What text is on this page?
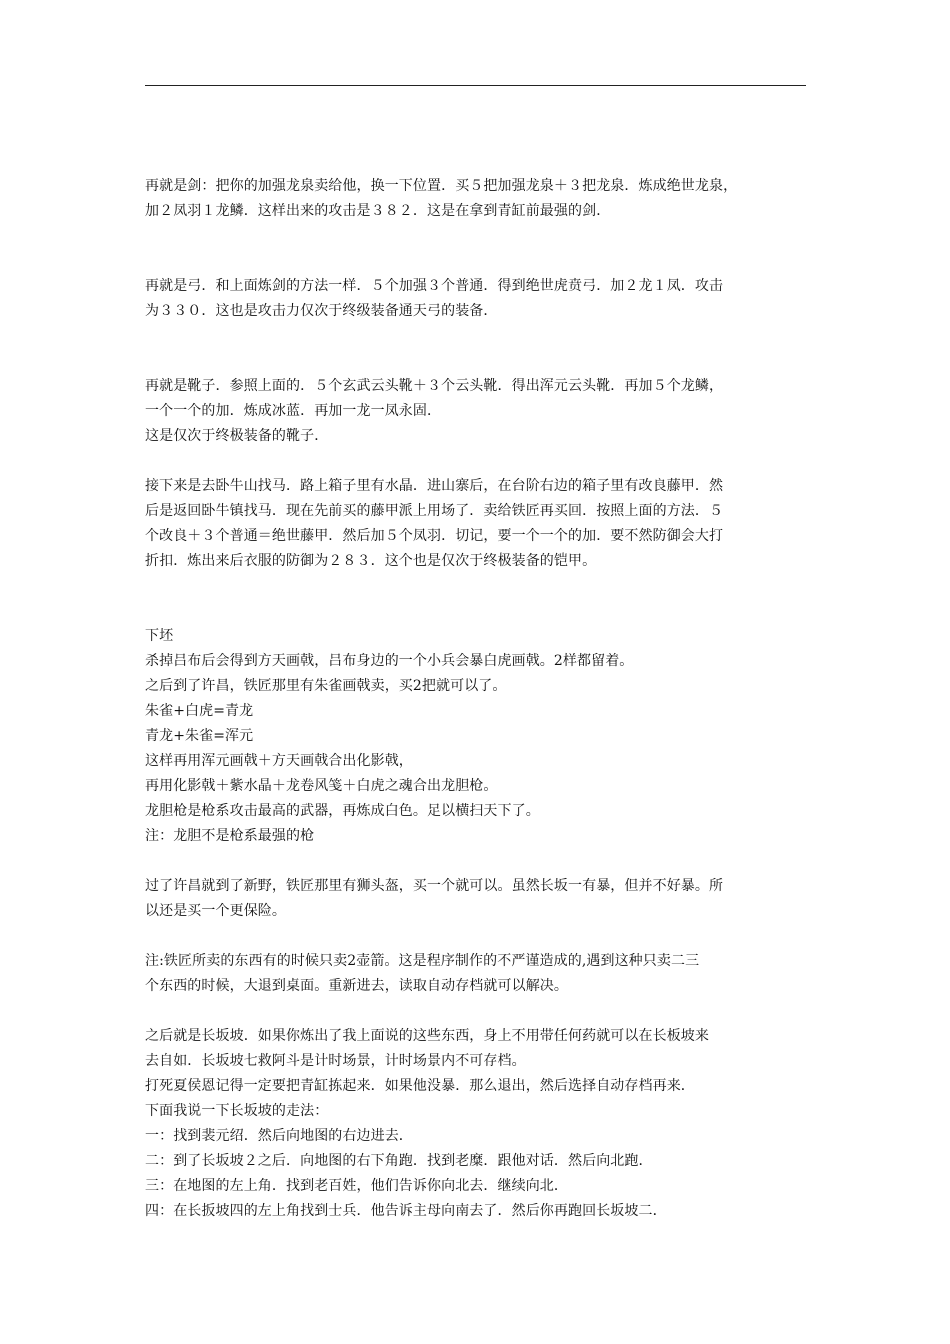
再就是剑：把你的加强龙泉卖给他，换一下位置．买５把加强龙泉＋３把龙泉．炼成绝世龙泉，
加２凤羽１龙鳞．这样出来的攻击是３８２．这是在拿到青缸前最强的剑．
再就是弓．和上面炼剑的方法一样．５个加强３个普通．得到绝世虎贲弓．加２龙１凤．攻击
为３３０．这也是攻击力仅次于终级装备通天弓的装备．
再就是靴子．参照上面的．５个玄武云头靴＋３个云头靴．得出浑元云头靴．再加５个龙鳞，
一个一个的加．炼成冰蓝．再加一龙一凤永固．
这是仅次于终极装备的靴子．
接下来是去卧牛山找马．路上箱子里有水晶．进山寨后，在台阶右边的箱子里有改良藤甲．然
后是返回卧牛镇找马．现在先前买的藤甲派上用场了．卖给铁匠再买回．按照上面的方法．５
个改良＋３个普通＝绝世藤甲．然后加５个凤羽．切记，要一个一个的加．要不然防御会大打
折扣．炼出来后衣服的防御为２８３．这个也是仅次于终极装备的铠甲。
下坯
杀掉吕布后会得到方天画戟，吕布身边的一个小兵会暴白虎画戟。2样都留着。
之后到了许昌，铁匠那里有朱雀画戟卖，买2把就可以了。
朱雀+白虎=青龙
青龙+朱雀=浑元
这样再用浑元画戟＋方天画戟合出化影戟，
再用化影戟＋紫水晶＋龙卷风笺＋白虎之魂合出龙胆枪。
龙胆枪是枪系攻击最高的武器，再炼成白色。足以横扫天下了。
注：龙胆不是枪系最强的枪
过了许昌就到了新野，铁匠那里有狮头盔，买一个就可以。虽然长坂一有暴，但并不好暴。所
以还是买一个更保险。
注:铁匠所卖的东西有的时候只卖2壶箭。这是程序制作的不严谨造成的,遇到这种只卖二三
个东西的时候，大退到桌面。重新进去，读取自动存档就可以解决。
之后就是长坂坡．如果你炼出了我上面说的这些东西，身上不用带任何药就可以在长板坡来
去自如．长坂坡七救阿斗是计时场景，计时场景内不可存档。
打死夏侯恩记得一定要把青缸拣起来．如果他没暴．那么退出，然后选择自动存档再来．
下面我说一下长坂坡的走法：
一：找到裴元绍．然后向地图的右边进去．
二：到了长坂坡２之后．向地图的右下角跑．找到老糜．跟他对话．然后向北跑．
三：在地图的左上角．找到老百姓，他们告诉你向北去．继续向北．
四：在长扳坡四的左上角找到士兵．他告诉主母向南去了．然后你再跑回长坂坡二．
